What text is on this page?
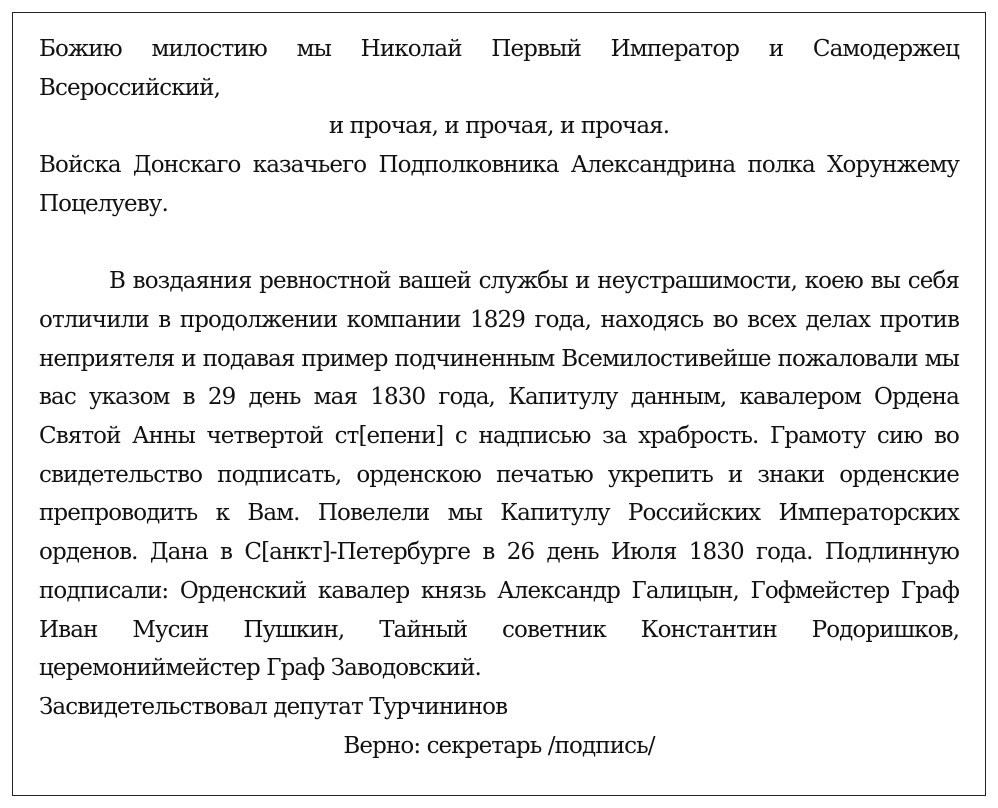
Божию милостию мы Николай Первый Император и Самодержец Всероссийский,

и прочая, и прочая, и прочая.

Войска Донскаго казачьего Подполковника Александрина полка Хорунжему Поцелуеву.

В воздаяния ревностной вашей службы и неустрашимости, коею вы себя отличили в продолжении компании 1829 года, находясь во всех делах против неприятеля и подавая пример подчиненным Всемилостивейше пожаловали мы вас указом в 29 день мая 1830 года, Капитулу данным, кавалером Ордена Святой Анны четвертой ст[епени] с надписью за храбрость. Грамоту сию во свидетельство подписать, орденскою печатью укрепить и знаки орденские препроводить к Вам. Повелели мы Капитулу Российских Императорских орденов. Дана в С[анкт]-Петербурге в 26 день Июля 1830 года. Подлинную подписали: Орденский кавалер князь Александр Галицын, Гофмейстер Граф Иван Мусин Пушкин, Тайный советник Константин Родоришков, церемониймейстер Граф Заводовский.

Засвидетельствовал депутат Турчининов

Верно: секретарь /подпись/
